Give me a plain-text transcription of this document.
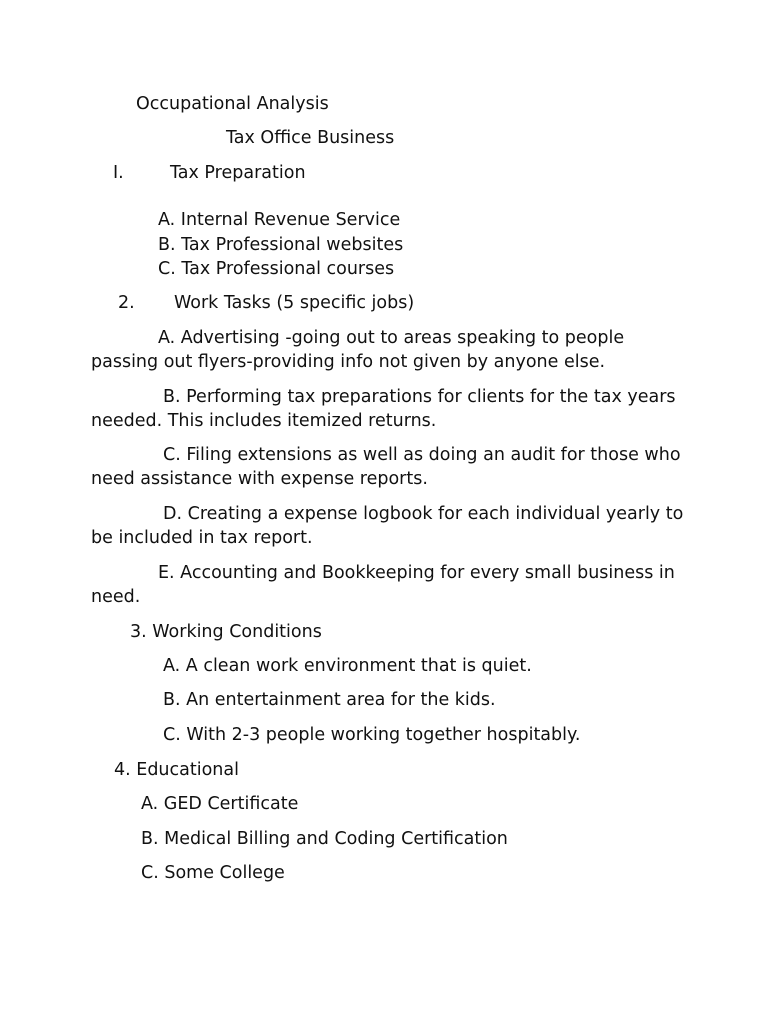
Occupational Analysis
Tax Office Business
I.	Tax Preparation
A. Internal Revenue Service
B. Tax Professional websites
C. Tax Professional courses
2. Work Tasks (5 specific jobs)
A. Advertising -going out to areas speaking to people passing out flyers-providing info not given by anyone else.
B. Performing tax preparations for clients for the tax years needed. This includes itemized returns.
C. Filing extensions as well as doing an audit for those who need assistance with expense reports.
D. Creating a expense logbook for each individual yearly to be included in tax report.
E. Accounting and Bookkeeping for every small business in need.
3. Working Conditions
A. A clean work environment that is quiet.
B. An entertainment area for the kids.
C. With 2-3 people working together hospitably.
4. Educational
A. GED Certificate
B. Medical Billing and Coding Certification
C. Some College
